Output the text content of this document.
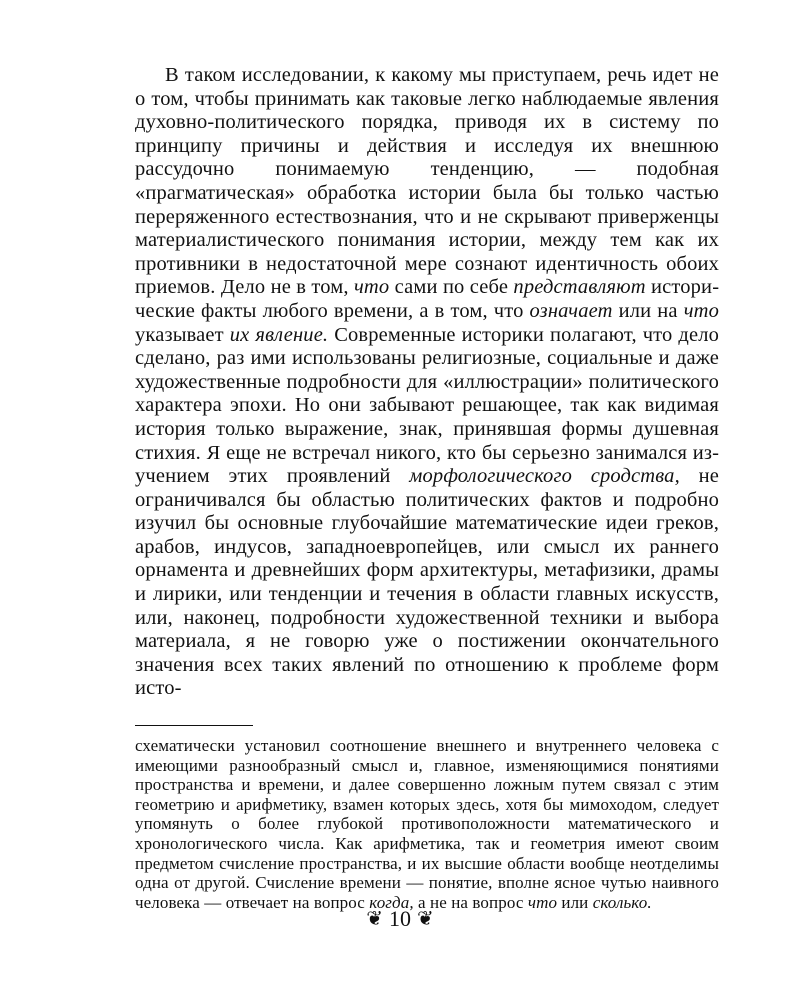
В таком исследовании, к какому мы приступаем, речь идет не о том, чтобы принимать как таковые легко наблюдаемые явления духовно-политического порядка, приводя их в систему по принципу причины и действия и исследуя их внешнюю рассудочно понимаемую тенденцию, — подобная «прагматическая» обработка истории была бы только частью переряженного естествознания, что и не скрывают приверженцы материалистического понимания истории, между тем как их противники в недостаточной мере сознают идентичность обоих приемов. Дело не в том, что сами по себе представляют исторические факты любого времени, а в том, что означает или на что указывает их явление. Современные историки полагают, что дело сделано, раз ими использованы религиозные, социальные и даже художественные подробности для «иллюстрации» политического характера эпохи. Но они забывают решающее, так как видимая история только выражение, знак, принявшая формы душевная стихия. Я еще не встречал никого, кто бы серьезно занимался изучением этих проявлений морфологического сродства, не ограничивался бы областью политических фактов и подробно изучил бы основные глубочайшие математические идеи греков, арабов, индусов, западноевропейцев, или смысл их раннего орнамента и древнейших форм архитектуры, метафизики, драмы и лирики, или тенденции и течения в области главных искусств, или, наконец, подробности художественной техники и выбора материала, я не говорю уже о постижении окончательного значения всех таких явлений по отношению к проблеме форм исто-

схематически установил соотношение внешнего и внутреннего человека с имеющими разнообразный смысл и, главное, изменяющимися понятиями пространства и времени, и далее совершенно ложным путем связал с этим геометрию и арифметику, взамен которых здесь, хотя бы мимоходом, следует упомянуть о более глубокой противоположности математического и хронологического числа. Как арифметика, так и геометрия имеют своим предметом счисление пространства, и их высшие области вообще неотделимы одна от другой. Счисление времени — понятие, вполне ясное чутью наивного человека — отвечает на вопрос когда, а не на вопрос что или сколько.

❦ 10 ❦
